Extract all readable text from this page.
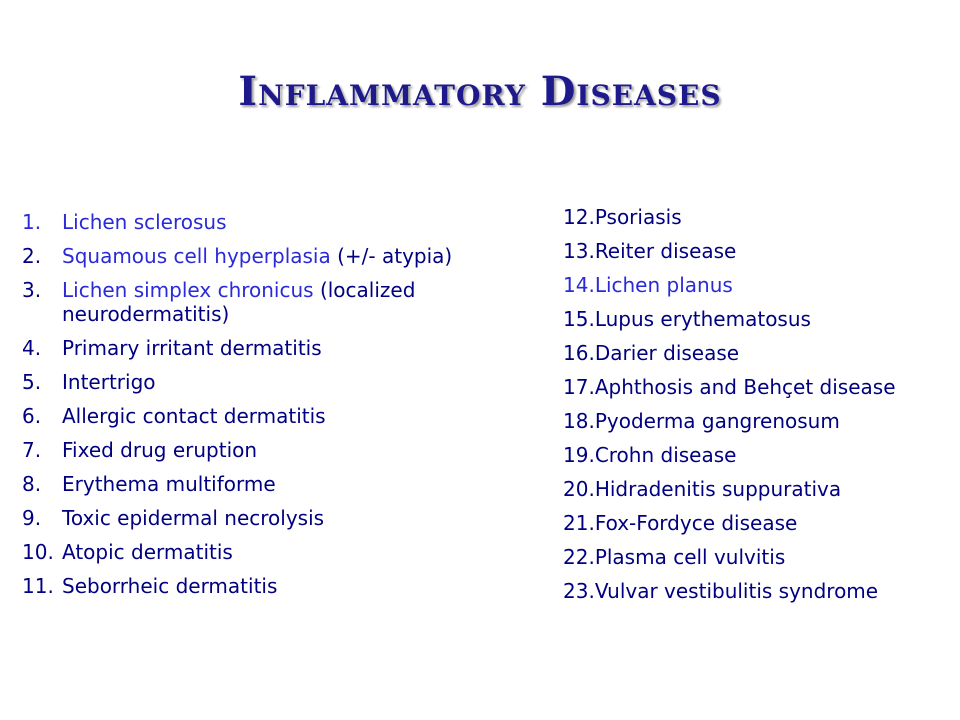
Inflammatory Diseases
1.	Lichen sclerosus
2.	Squamous cell hyperplasia (+/- atypia)
3.	Lichen simplex chronicus (localized neurodermatitis)
4.	Primary irritant dermatitis
5.	Intertrigo
6.	Allergic contact dermatitis
7.	Fixed drug eruption
8.	Erythema multiforme
9.	Toxic epidermal necrolysis
10. Atopic dermatitis
11. Seborrheic dermatitis
12. Psoriasis
13. Reiter disease
14. Lichen planus
15. Lupus erythematosus
16. Darier disease
17. Aphthosis and Behçet disease
18. Pyoderma gangrenosum
19. Crohn disease
20. Hidradenitis suppurativa
21. Fox-Fordyce disease
22. Plasma cell vulvitis
23. Vulvar vestibulitis syndrome
